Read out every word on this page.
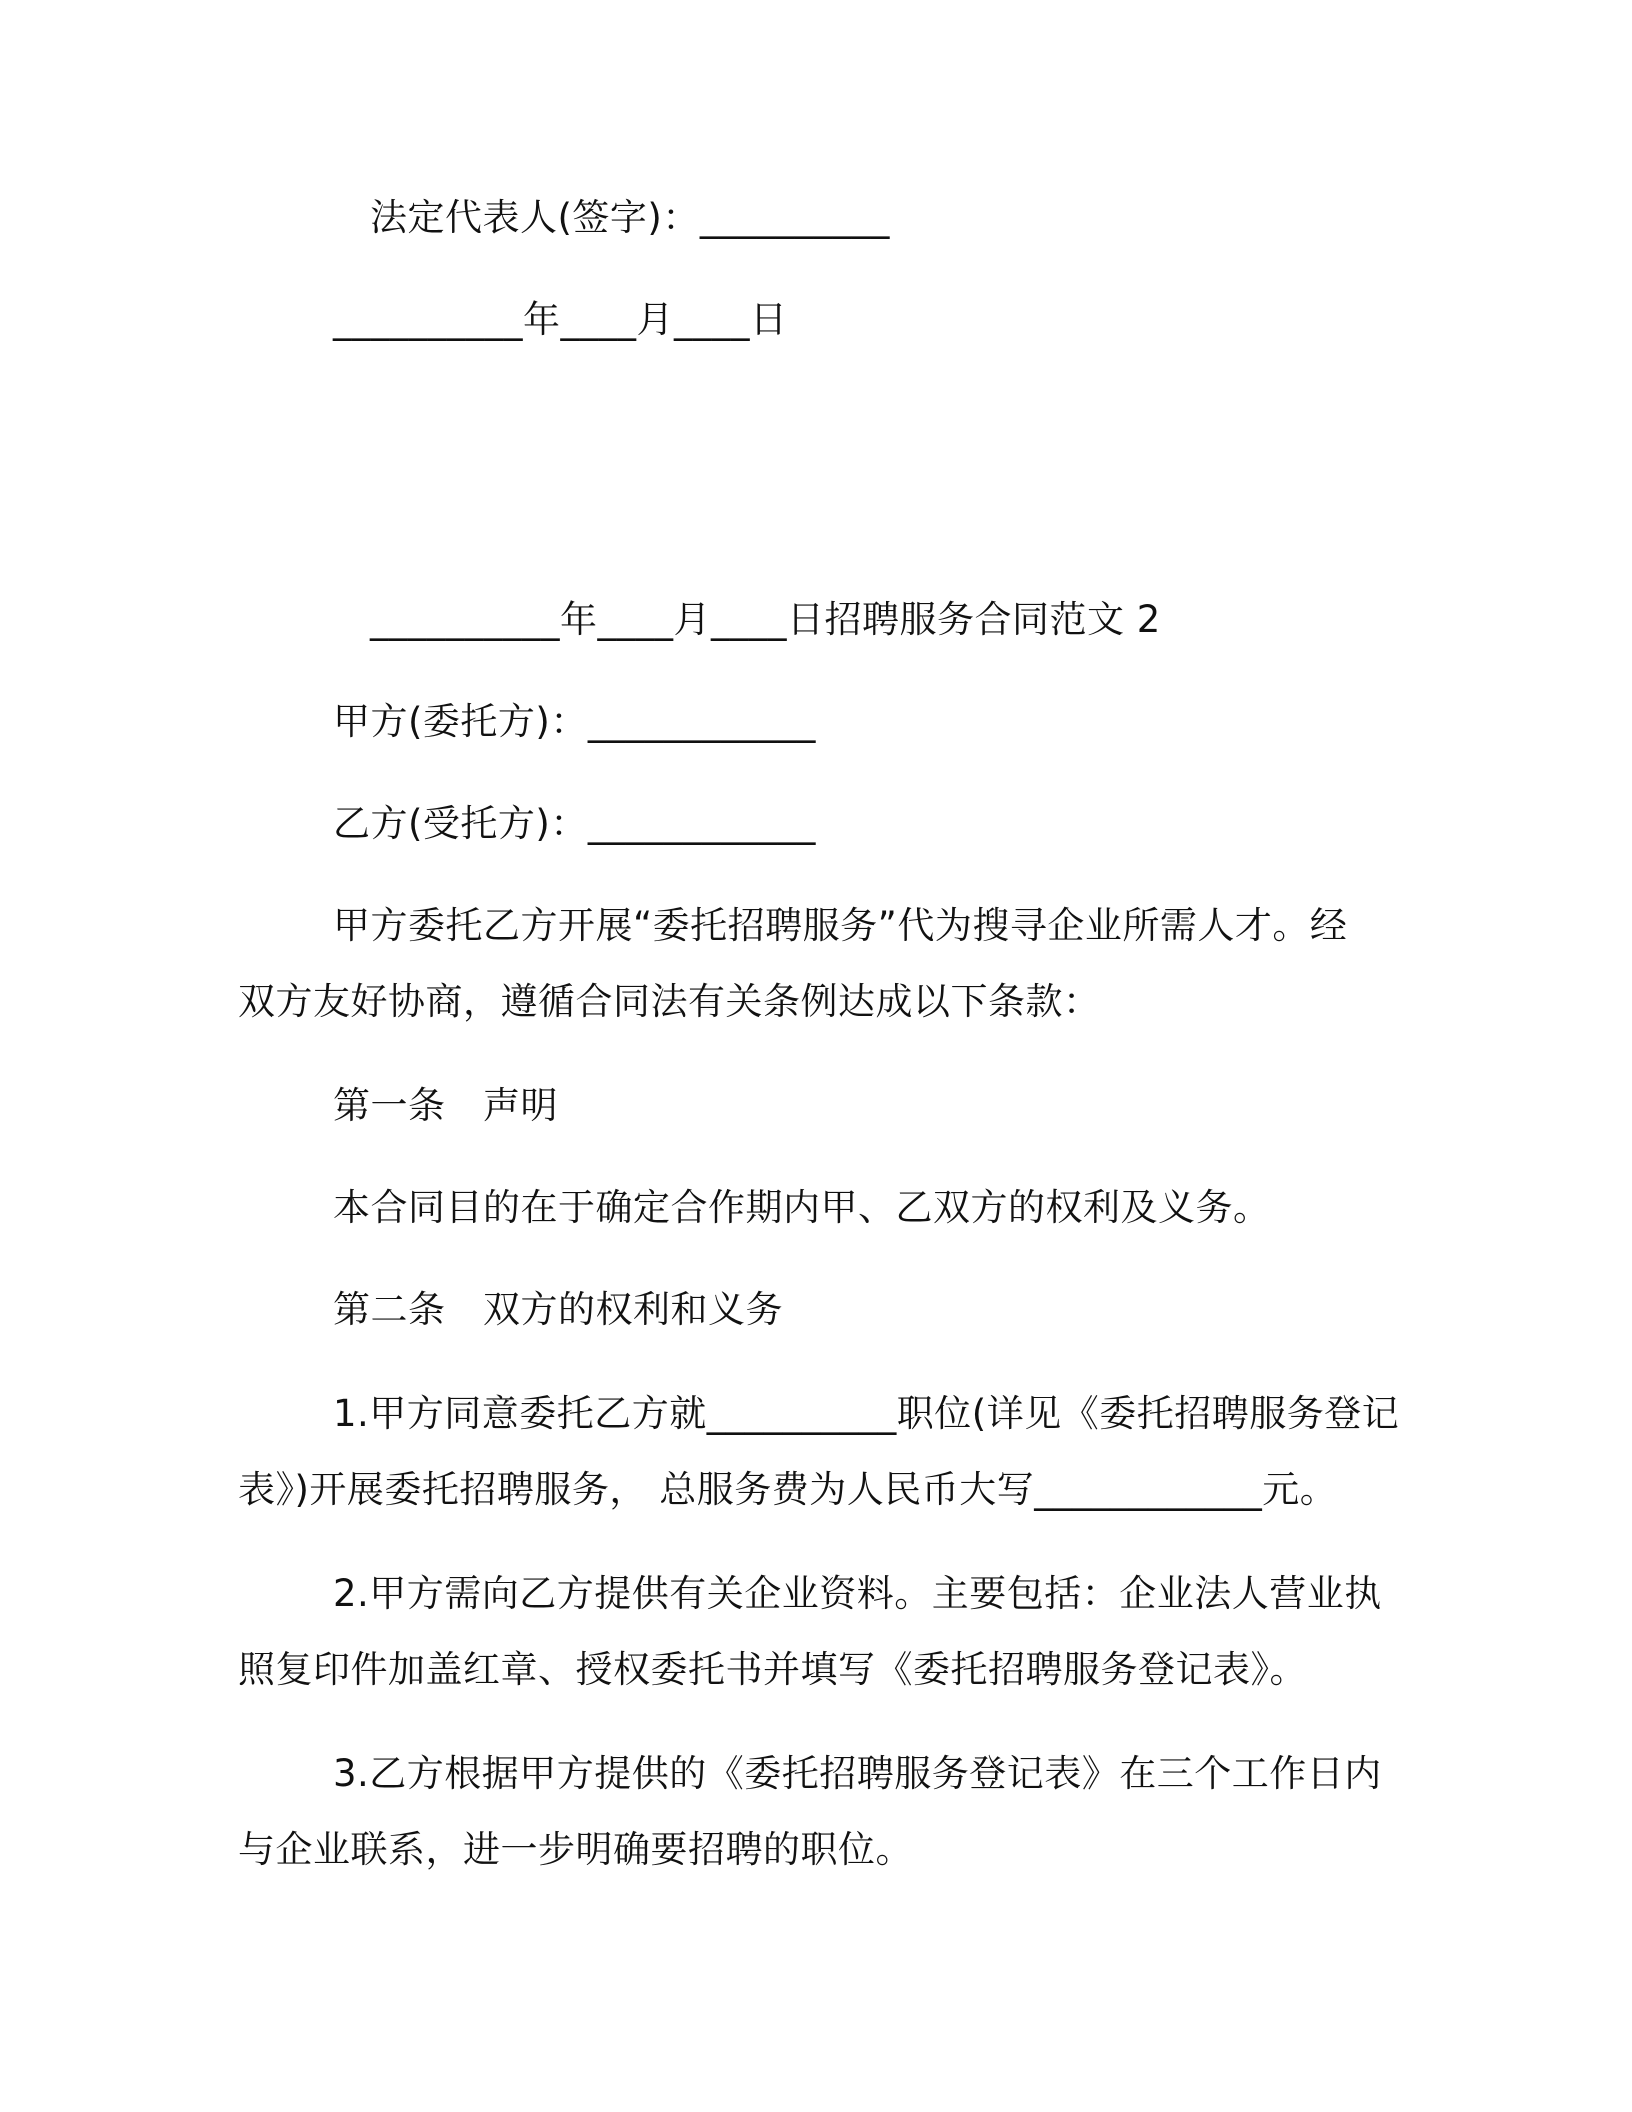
法定代表人(签字)：__________
__________年____月____日
__________年____月____日招聘服务合同范文 2
甲方(委托方)：____________
乙方(受托方)：____________
甲方委托乙方开展“委托招聘服务”代为搜寻企业所需人才。经
双方友好协商，遵循合同法有关条例达成以下条款：
第一条　声明
本合同目的在于确定合作期内甲、乙双方的权利及义务。
第二条　双方的权利和义务
1.甲方同意委托乙方就__________职位(详见《委托招聘服务登记
表》)开展委托招聘服务， 总服务费为人民币大写____________元。
2.甲方需向乙方提供有关企业资料。主要包括：企业法人营业执
照复印件加盖红章、授权委托书并填写《委托招聘服务登记表》。
3.乙方根据甲方提供的《委托招聘服务登记表》在三个工作日内
与企业联系，进一步明确要招聘的职位。
